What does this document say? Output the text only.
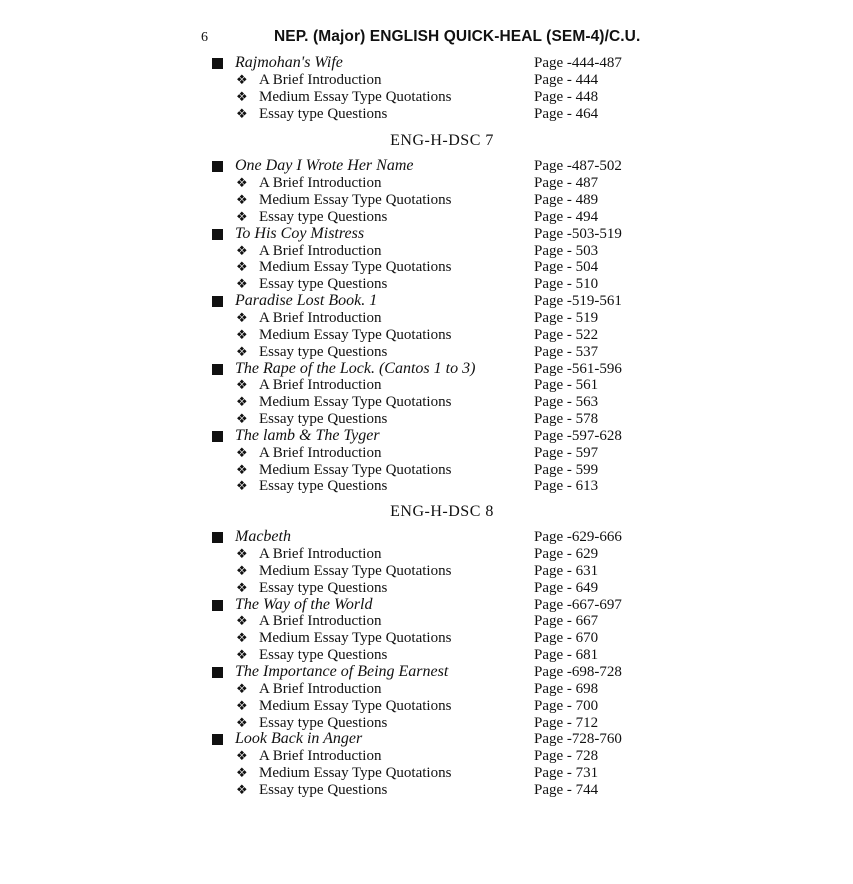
6	NEP. (Major) ENGLISH QUICK-HEAL (SEM-4)/C.U.
Rajmohan's Wife	Page -444-487
❖ A Brief Introduction	Page - 444
❖ Medium Essay Type Quotations	Page - 448
❖ Essay type Questions	Page - 464
ENG-H-DSC 7
One Day I Wrote Her Name	Page -487-502
❖ A Brief Introduction	Page - 487
❖ Medium Essay Type Quotations	Page - 489
❖ Essay type Questions	Page - 494
To His Coy Mistress	Page -503-519
❖ A Brief Introduction	Page - 503
❖ Medium Essay Type Quotations	Page - 504
❖ Essay type Questions	Page - 510
Paradise Lost Book. 1	Page -519-561
❖ A Brief Introduction	Page - 519
❖ Medium Essay Type Quotations	Page - 522
❖ Essay type Questions	Page - 537
The Rape of the Lock. (Cantos 1 to 3)	Page -561-596
❖ A Brief Introduction	Page - 561
❖ Medium Essay Type Quotations	Page - 563
❖ Essay type Questions	Page - 578
The lamb & The Tyger	Page -597-628
❖ A Brief Introduction	Page - 597
❖ Medium Essay Type Quotations	Page - 599
❖ Essay type Questions	Page - 613
ENG-H-DSC 8
Macbeth	Page -629-666
❖ A Brief Introduction	Page - 629
❖ Medium Essay Type Quotations	Page - 631
❖ Essay type Questions	Page - 649
The Way of the World	Page -667-697
❖ A Brief Introduction	Page - 667
❖ Medium Essay Type Quotations	Page - 670
❖ Essay type Questions	Page - 681
The Importance of Being Earnest	Page -698-728
❖ A Brief Introduction	Page - 698
❖ Medium Essay Type Quotations	Page - 700
❖ Essay type Questions	Page - 712
Look Back in Anger	Page -728-760
❖ A Brief Introduction	Page - 728
❖ Medium Essay Type Quotations	Page - 731
❖ Essay type Questions	Page - 744
